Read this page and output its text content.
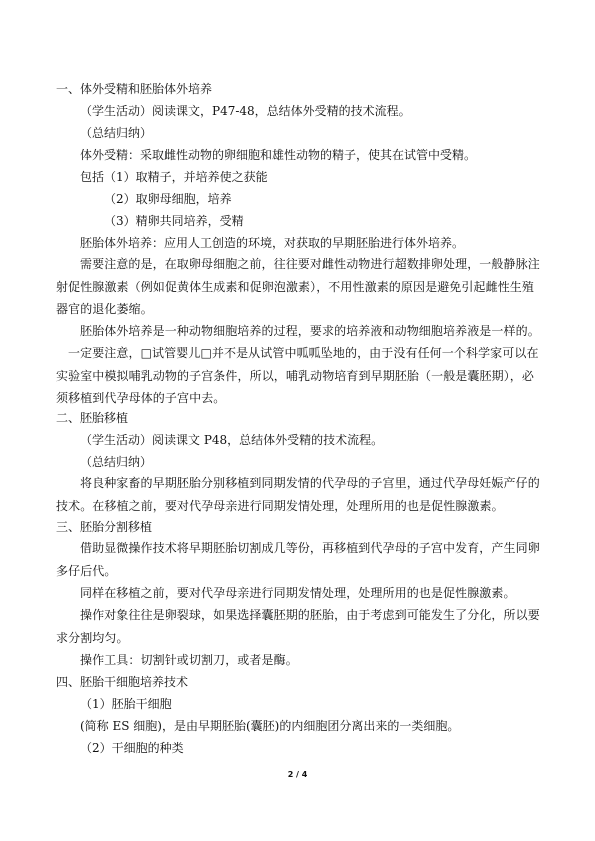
一、体外受精和胚胎体外培养
（学生活动）阅读课文，P47-48，总结体外受精的技术流程。
（总结归纳）
体外受精：采取雌性动物的卵细胞和雄性动物的精子，使其在试管中受精。
包括（1）取精子，并培养使之获能
（2）取卵母细胞，培养
（3）精卵共同培养，受精
胚胎体外培养：应用人工创造的环境，对获取的早期胚胎进行体外培养。
需要注意的是，在取卵母细胞之前，往往要对雌性动物进行超数排卵处理，一般静脉注射促性腺激素（例如促黄体生成素和促卵泡激素），不用性激素的原因是避免引起雌性生殖器官的退化萎缩。
胚胎体外培养是一种动物细胞培养的过程，要求的培养液和动物细胞培养液是一样的。
一定要注意，□试管婴儿□并不是从试管中呱呱坠地的，由于没有任何一个科学家可以在实验室中模拟哺乳动物的子宫条件，所以，哺乳动物培育到早期胚胎（一般是囊胚期），必须移植到代孕母体的子宫中去。
二、胚胎移植
（学生活动）阅读课文 P48，总结体外受精的技术流程。
（总结归纳）
将良种家畜的早期胚胎分别移植到同期发情的代孕母的子宫里，通过代孕母妊娠产仔的技术。在移植之前，要对代孕母亲进行同期发情处理，处理所用的也是促性腺激素。
三、胚胎分割移植
借助显微操作技术将早期胚胎切割成几等份，再移植到代孕母的子宫中发育，产生同卵多仔后代。
同样在移植之前，要对代孕母亲进行同期发情处理，处理所用的也是促性腺激素。
操作对象往往是卵裂球，如果选择囊胚期的胚胎，由于考虑到可能发生了分化，所以要求分割均匀。
操作工具：切割针或切割刀，或者是酶。
四、胚胎干细胞培养技术
（1）胚胎干细胞
(简称 ES 细胞)，是由早期胚胎(囊胚)的内细胞团分离出来的一类细胞。
（2）干细胞的种类
2 / 4
